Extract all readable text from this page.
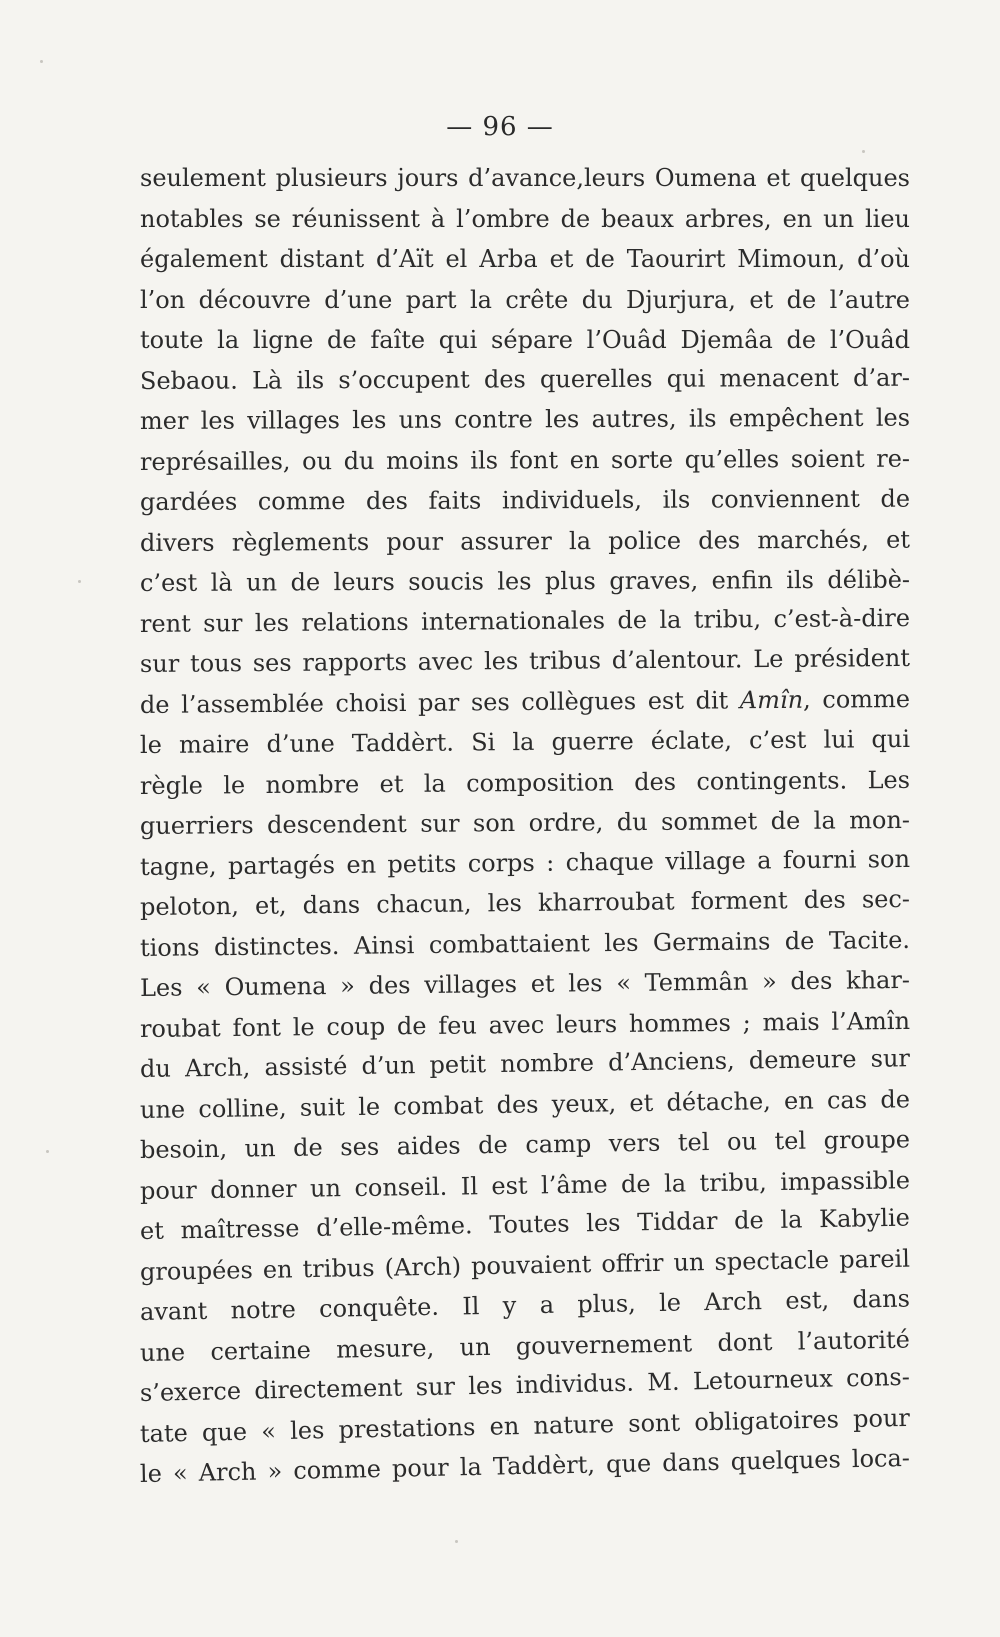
— 96 —
seulement plusieurs jours d’avance,leurs Oumena et quelques
notables se réunissent à l’ombre de beaux arbres, en un lieu
également distant d’Aït el Arba et de Taourirt Mimoun, d’où
l’on découvre d’une part la crête du Djurjura, et de l’autre
toute la ligne de faîte qui sépare l’Ouâd Djemâa de l’Ouâd
Sebaou. Là ils s’occupent des querelles qui menacent d’ar-
mer les villages les uns contre les autres, ils empêchent les
représailles, ou du moins ils font en sorte qu’elles soient re-
gardées comme des faits individuels, ils conviennent de
divers règlements pour assurer la police des marchés, et
c’est là un de leurs soucis les plus graves, enfin ils délibè-
rent sur les relations internationales de la tribu, c’est-à-dire
sur tous ses rapports avec les tribus d’alentour. Le président
de l’assemblée choisi par ses collègues est dit Amîn, comme
le maire d’une Taddèrt. Si la guerre éclate, c’est lui qui
règle le nombre et la composition des contingents. Les
guerriers descendent sur son ordre, du sommet de la mon-
tagne, partagés en petits corps : chaque village a fourni son
peloton, et, dans chacun, les kharroubat forment des sec-
tions distinctes. Ainsi combattaient les Germains de Tacite.
Les « Oumena » des villages et les « Temmân » des khar-
roubat font le coup de feu avec leurs hommes ; mais l’Amîn
du Arch, assisté d’un petit nombre d’Anciens, demeure sur
une colline, suit le combat des yeux, et détache, en cas de
besoin, un de ses aides de camp vers tel ou tel groupe
pour donner un conseil. Il est l’âme de la tribu, impassible
et maîtresse d’elle-même. Toutes les Tiddar de la Kabylie
groupées en tribus (Arch) pouvaient offrir un spectacle pareil
avant notre conquête. Il y a plus, le Arch est, dans
une certaine mesure, un gouvernement dont l’autorité
s’exerce directement sur les individus. M. Letourneux cons-
tate que « les prestations en nature sont obligatoires pour
le « Arch » comme pour la Taddèrt, que dans quelques loca-
